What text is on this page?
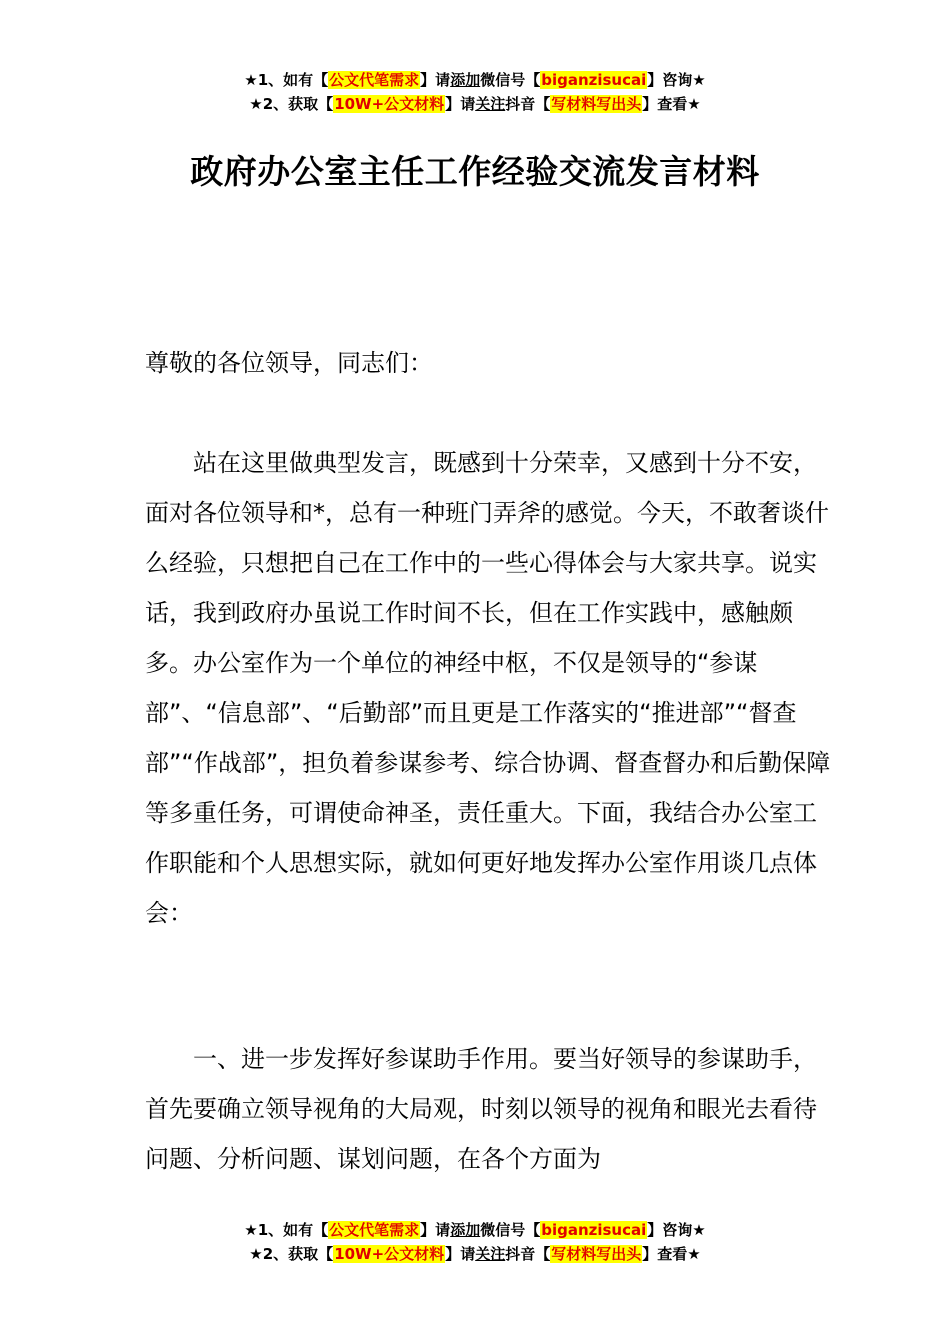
★1、如有【公文代笔需求】请添加微信号【biganzisucai】咨询★
★2、获取【10W+公文材料】请关注抖音【写材料写出头】查看★
政府办公室主任工作经验交流发言材料

尊敬的各位领导，同志们：

站在这里做典型发言，既感到十分荣幸，又感到十分不安，面对各位领导和*，总有一种班门弄斧的感觉。今天，不敢奢谈什么经验，只想把自己在工作中的一些心得体会与大家共享。说实话，我到政府办虽说工作时间不长，但在工作实践中，感触颇多。办公室作为一个单位的神经中枢，不仅是领导的“参谋部”、“信息部”、“后勤部”而且更是工作落实的“推进部”“督查部”“作战部”，担负着参谋参考、综合协调、督查督办和后勤保障等多重任务，可谓使命神圣，责任重大。下面，我结合办公室工作职能和个人思想实际，就如何更好地发挥办公室作用谈几点体会：

一、进一步发挥好参谋助手作用。要当好领导的参谋助手，首先要确立领导视角的大局观，时刻以领导的视角和眼光去看待问题、分析问题、谋划问题，在各个方面为

★1、如有【公文代笔需求】请添加微信号【biganzisucai】咨询★
★2、获取【10W+公文材料】请关注抖音【写材料写出头】查看★
